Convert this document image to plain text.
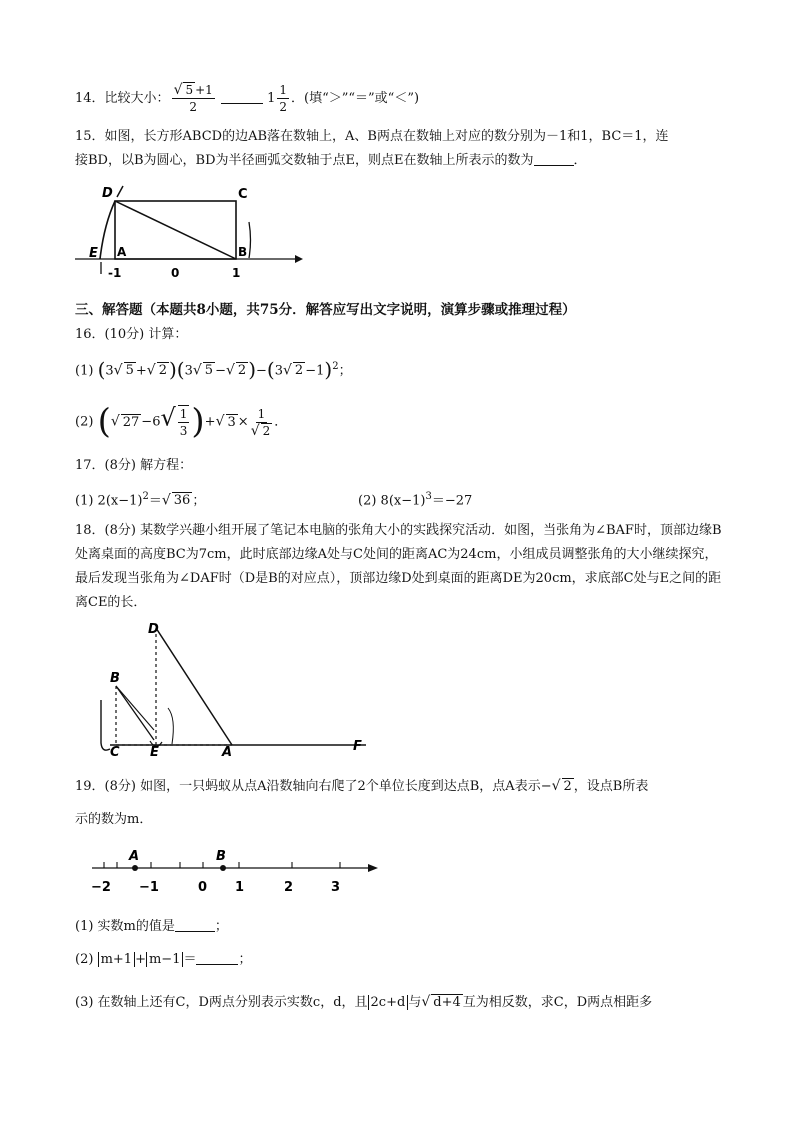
14．比较大小： $\frac{√ 5 +1}{2}$	$1 \frac{1}{2}$ ．(填“＞”“＝”或“＜”)
15．如图，长方形ABCD的边AB落在数轴上，A、B两点在数轴上对应的数分别为－1和1，BC＝1，连
接BD，以B为圆心，BD为半径画弧交数轴于点E，则点E在数轴上所表示的数为	．
D	C
E A	B
-1	0	1
三、解答题（本题共8小题，共75分．解答应写出文字说明，演算步骤或推理过程）
16．(10分) 计算：
(1) (3√ 5 +√ 2 )(3√ 5 −√ 2 )−(3√ 2 −1)$^2$；
(2) (√ $27 -6√ \frac{1}{3}$ )+√ $3 \times \frac{1}{√ 2}$ ．
17．(8分) 解方程：
(1) $2(x-1)^2=√$ 36 ；	(2) $8(x-1)^3=-27$
18．(8分) 某数学兴趣小组开展了笔记本电脑的张角大小的实践探究活动．如图，当张角为∠BAF时，顶部边缘B处离桌面的高度BC为7cm，此时底部边缘A处与C处间的距离AC为24cm，小组成员调整张角的大小继续探究，最后发现当张角为∠DAF时（D是B的对应点），顶部边缘D处到桌面的距离DE为20cm，求底部C处与E之间的距离CE的长．
D
B
C E	A	F
19．(8分) 如图，一只蚂蚁从点A沿数轴向右爬了2个单位长度到达点B，点A表示−√ 2 ，设点B所表
示的数为m．
A	B
−2 −1	0 1	2	3
(1) 实数m的值是	；
(2) m+1 + m−1 ＝	；
(3) 在数轴上还有C，D两点分别表示实数c，d，且 2c+d 与√ d+4 互为相反数，求C，D两点相距多
